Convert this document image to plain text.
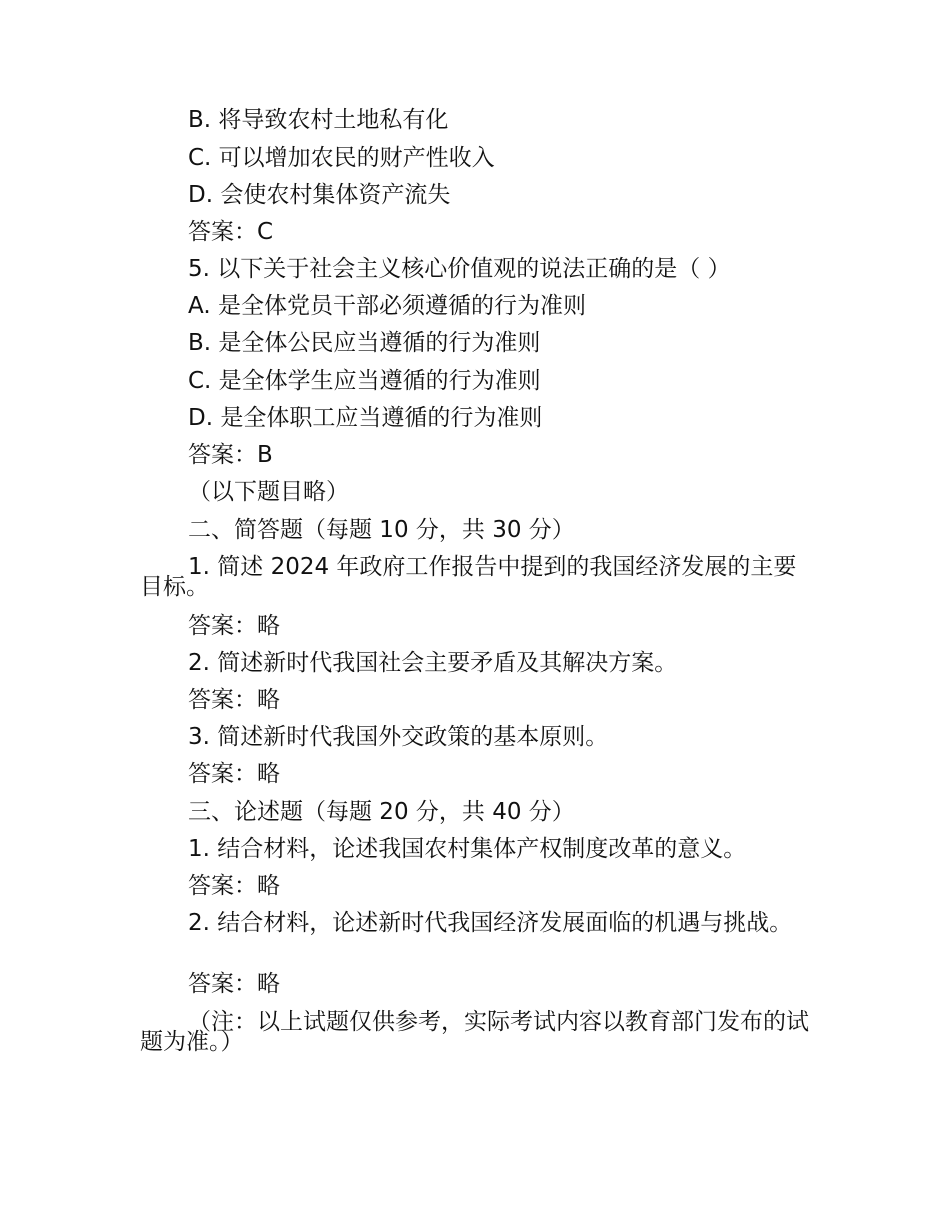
B. 将导致农村土地私有化
C. 可以增加农民的财产性收入
D. 会使农村集体资产流失
答案：C
5. 以下关于社会主义核心价值观的说法正确的是（ ）
A. 是全体党员干部必须遵循的行为准则
B. 是全体公民应当遵循的行为准则
C. 是全体学生应当遵循的行为准则
D. 是全体职工应当遵循的行为准则
答案：B
（以下题目略）
二、简答题（每题 10 分，共 30 分）
1. 简述 2024 年政府工作报告中提到的我国经济发展的主要目标。
答案：略
2. 简述新时代我国社会主要矛盾及其解决方案。
答案：略
3. 简述新时代我国外交政策的基本原则。
答案：略
三、论述题（每题 20 分，共 40 分）
1. 结合材料，论述我国农村集体产权制度改革的意义。
答案：略
2. 结合材料，论述新时代我国经济发展面临的机遇与挑战。
答案：略
（注：以上试题仅供参考，实际考试内容以教育部门发布的试题为准。）
